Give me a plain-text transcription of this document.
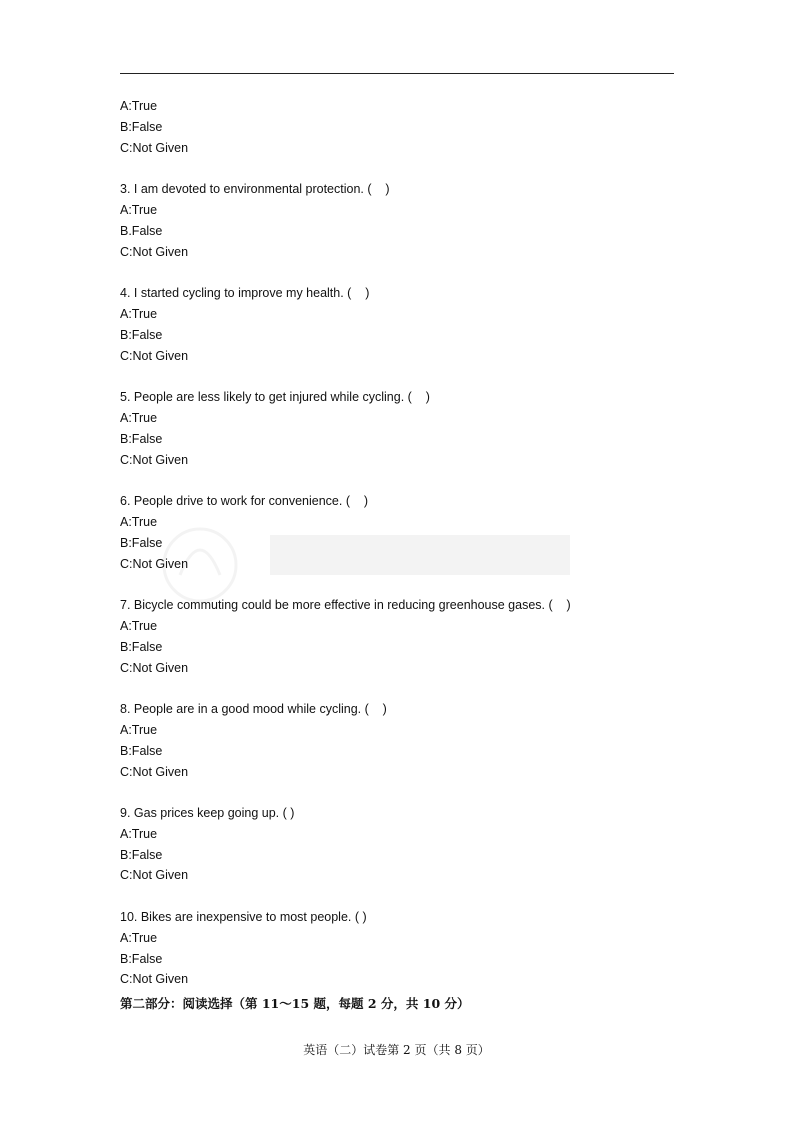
A:True
B:False
C:Not Given
3. I am devoted to environmental protection. (    )
A:True
B.False
C:Not Given
4. I started cycling to improve my health. (    )
A:True
B:False
C:Not Given
5. People are less likely to get injured while cycling. (    )
A:True
B:False
C:Not Given
6. People drive to work for convenience. (    )
A:True
B:False
C:Not Given
7. Bicycle commuting could be more effective in reducing greenhouse gases. (    )
A:True
B:False
C:Not Given
8. People are in a good mood while cycling. (    )
A:True
B:False
C:Not Given
9. Gas prices keep going up. ( )
A:True
B:False
C:Not Given
10. Bikes are inexpensive to most people. ( )
A:True
B:False
C:Not Given
第二部分：阅读选择（第 11～15 题，每题 2 分，共 10 分）
英语（二）试卷第 2 页（共 8 页）
